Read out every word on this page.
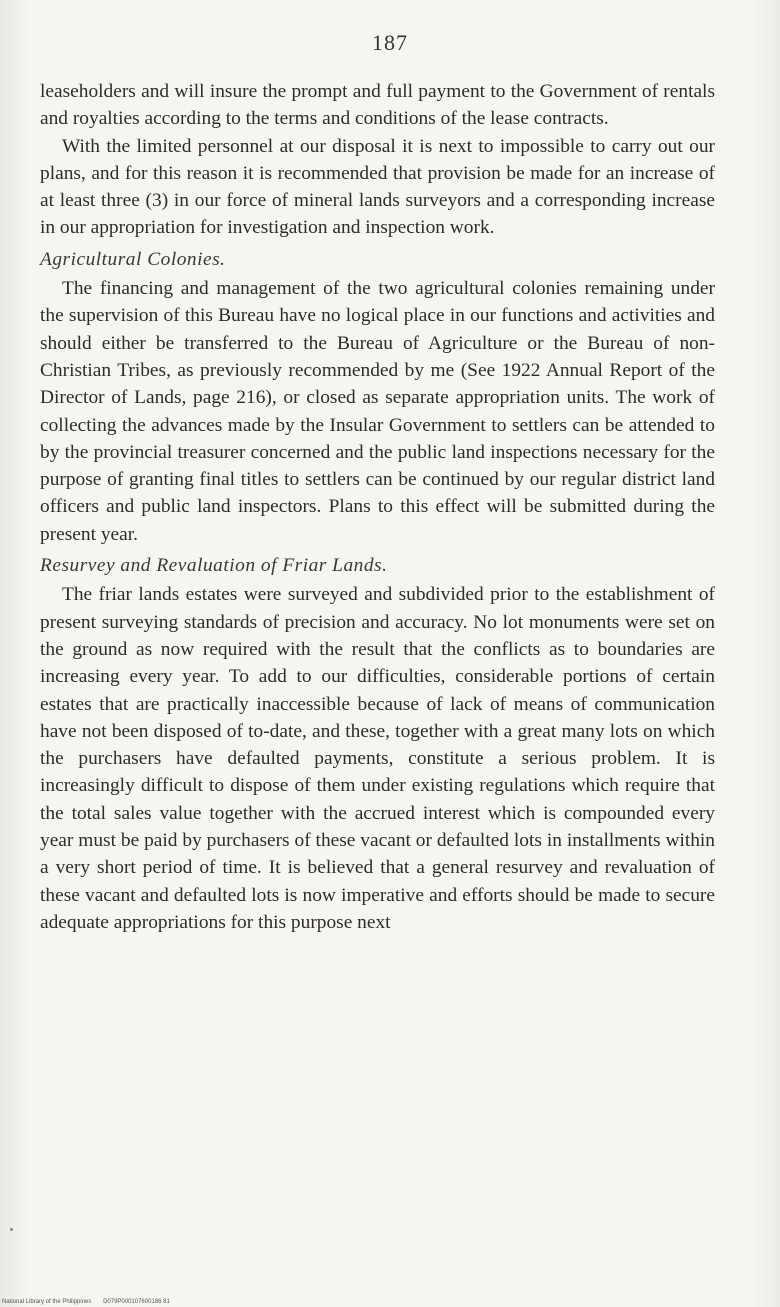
187

leaseholders and will insure the prompt and full payment to the Government of rentals and royalties according to the terms and conditions of the lease contracts.

With the limited personnel at our disposal it is next to impossible to carry out our plans, and for this reason it is recommended that provision be made for an increase of at least three (3) in our force of mineral lands surveyors and a corresponding increase in our appropriation for investigation and inspection work.

Agricultural Colonies.

The financing and management of the two agricultural colonies remaining under the supervision of this Bureau have no logical place in our functions and activities and should either be transferred to the Bureau of Agriculture or the Bureau of non-Christian Tribes, as previously recommended by me (See 1922 Annual Report of the Director of Lands, page 216), or closed as separate appropriation units. The work of collecting the advances made by the Insular Government to settlers can be attended to by the provincial treasurer concerned and the public land inspections necessary for the purpose of granting final titles to settlers can be continued by our regular district land officers and public land inspectors. Plans to this effect will be submitted during the present year.

Resurvey and Revaluation of Friar Lands.

The friar lands estates were surveyed and subdivided prior to the establishment of present surveying standards of precision and accuracy. No lot monuments were set on the ground as now required with the result that the conflicts as to boundaries are increasing every year. To add to our difficulties, considerable portions of certain estates that are practically inaccessible because of lack of means of communication have not been disposed of to-date, and these, together with a great many lots on which the purchasers have defaulted payments, constitute a serious problem. It is increasingly difficult to dispose of them under existing regulations which require that the total sales value together with the accrued interest which is compounded every year must be paid by purchasers of these vacant or defaulted lots in installments within a very short period of time. It is believed that a general resurvey and revaluation of these vacant and defaulted lots is now imperative and efforts should be made to secure adequate appropriations for this purpose next

National Library of the Philippines D079P000107600186 81
